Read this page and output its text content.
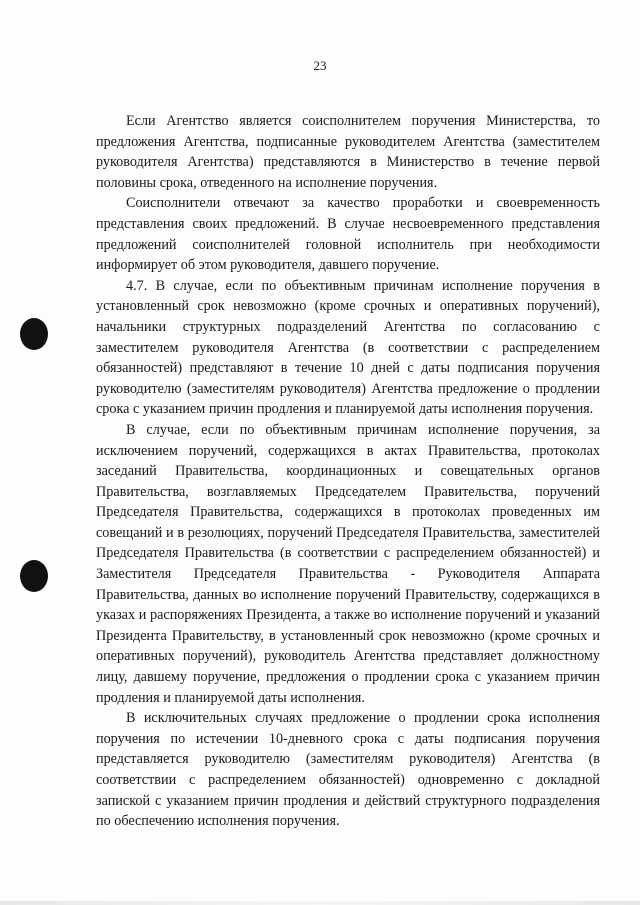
23

Если Агентство является соисполнителем поручения Министерства, то предложения Агентства, подписанные руководителем Агентства (заместителем руководителя Агентства) представляются в Министерство в течение первой половины срока, отведенного на исполнение поручения.

Соисполнители отвечают за качество проработки и своевременность представления своих предложений. В случае несвоевременного представления предложений соисполнителей головной исполнитель при необходимости информирует об этом руководителя, давшего поручение.

4.7. В случае, если по объективным причинам исполнение поручения в установленный срок невозможно (кроме срочных и оперативных поручений), начальники структурных подразделений Агентства по согласованию с заместителем руководителя Агентства (в соответствии с распределением обязанностей) представляют в течение 10 дней с даты подписания поручения руководителю (заместителям руководителя) Агентства предложение о продлении срока с указанием причин продления и планируемой даты исполнения поручения.

В случае, если по объективным причинам исполнение поручения, за исключением поручений, содержащихся в актах Правительства, протоколах заседаний Правительства, координационных и совещательных органов Правительства, возглавляемых Председателем Правительства, поручений Председателя Правительства, содержащихся в протоколах проведенных им совещаний и в резолюциях, поручений Председателя Правительства, заместителей Председателя Правительства (в соответствии с распределением обязанностей) и Заместителя Председателя Правительства - Руководителя Аппарата Правительства, данных во исполнение поручений Правительству, содержащихся в указах и распоряжениях Президента, а также во исполнение поручений и указаний Президента Правительству, в установленный срок невозможно (кроме срочных и оперативных поручений), руководитель Агентства представляет должностному лицу, давшему поручение, предложения о продлении срока с указанием причин продления и планируемой даты исполнения.

В исключительных случаях предложение о продлении срока исполнения поручения по истечении 10-дневного срока с даты подписания поручения представляется руководителю (заместителям руководителя) Агентства (в соответствии с распределением обязанностей) одновременно с докладной запиской с указанием причин продления и действий структурного подразделения по обеспечению исполнения поручения.
